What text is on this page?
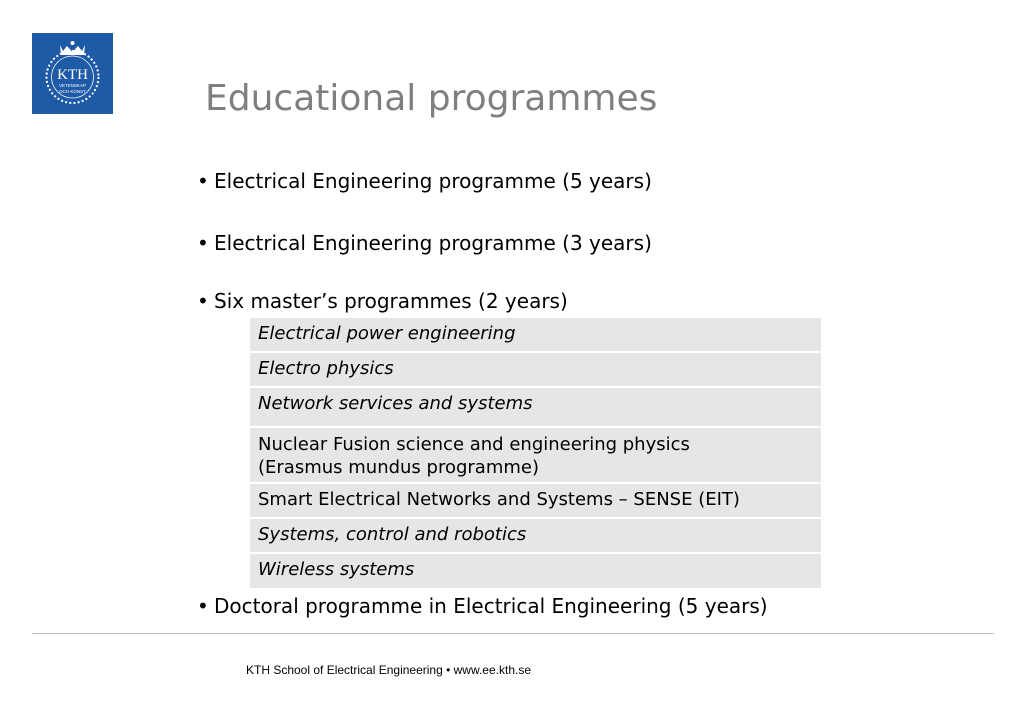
KTH
VETENSKAP
OCH KONST	Educational programmes
• Electrical Engineering programme (5 years)
• Electrical Engineering programme (3 years)
• Six master’s programmes (2 years)
Electrical power engineering
Electro physics
Network services and systems
Nuclear Fusion science and engineering physics
(Erasmus mundus programme)
Smart Electrical Networks and Systems – SENSE (EIT)
Systems, control and robotics
Wireless systems
• Doctoral programme in Electrical Engineering (5 years)
KTH School of Electrical Engineering • www.ee.kth.se
